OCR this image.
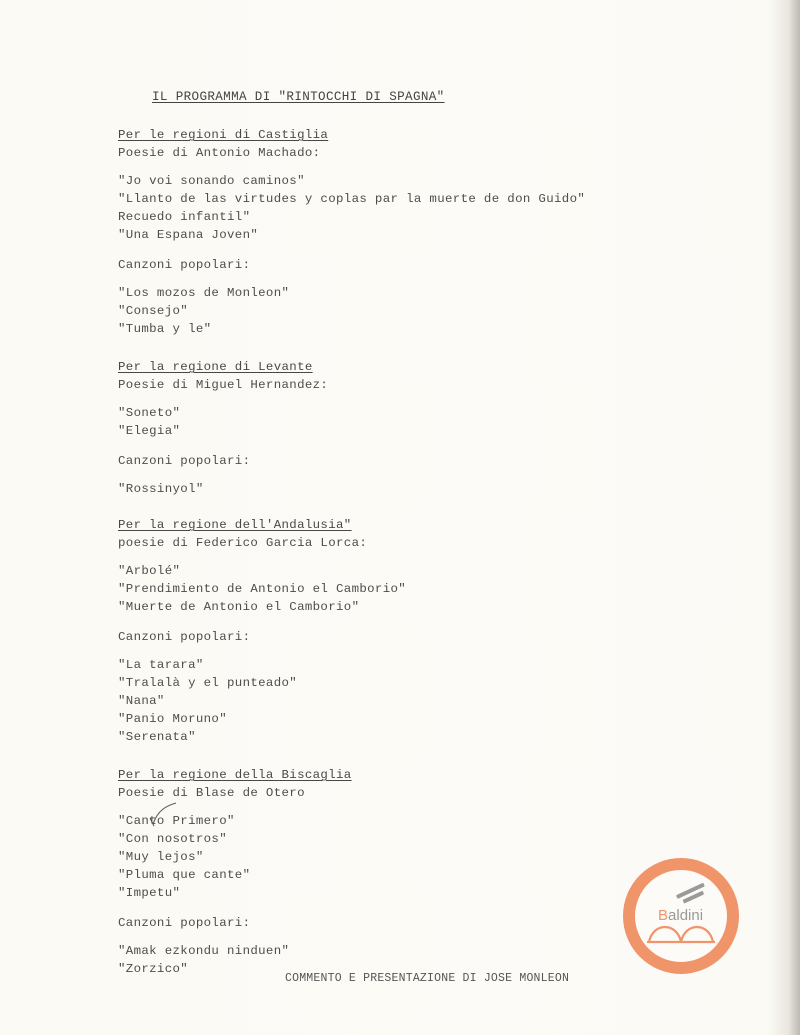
IL PROGRAMMA DI "RINTOCCHI DI SPAGNA"
Per le regioni di Castiglia
Poesie di Antonio Machado:
"Jo voi sonando caminos"
"Llanto de las virtudes y coplas par la muerte de don Guido"
Recuedo infantil"
"Una Espana Joven"
Canzoni popolari:
"Los mozos de Monleon"
"Consejo"
"Tumba y le"
Per la regione di Levante
Poesie di Miguel Hernandez:
"Soneto"
"Elegia"
Canzoni popolari:
"Rossinyol"
Per la regione dell'Andalusia"
poesie di Federico Garcia Lorca:
"Arbolé"
"Prendimiento de Antonio el Camborio"
"Muerte de Antonio el Camborio"
Canzoni popolari:
"La tarara"
"Tralalà y el punteado"
"Nana"
"Panio Moruno"
"Serenata"
Per la regione della Biscaglia
Poesie di Blase de Otero
"Canto Primero"
"Con nosotros"
"Muy lejos"
"Pluma que cante"
"Impetu"
Canzoni popolari:
"Amak ezkondu ninduen"
"Zorzico"
COMMENTO E PRESENTAZIONE DI JOSE MONLEON
Baldini
